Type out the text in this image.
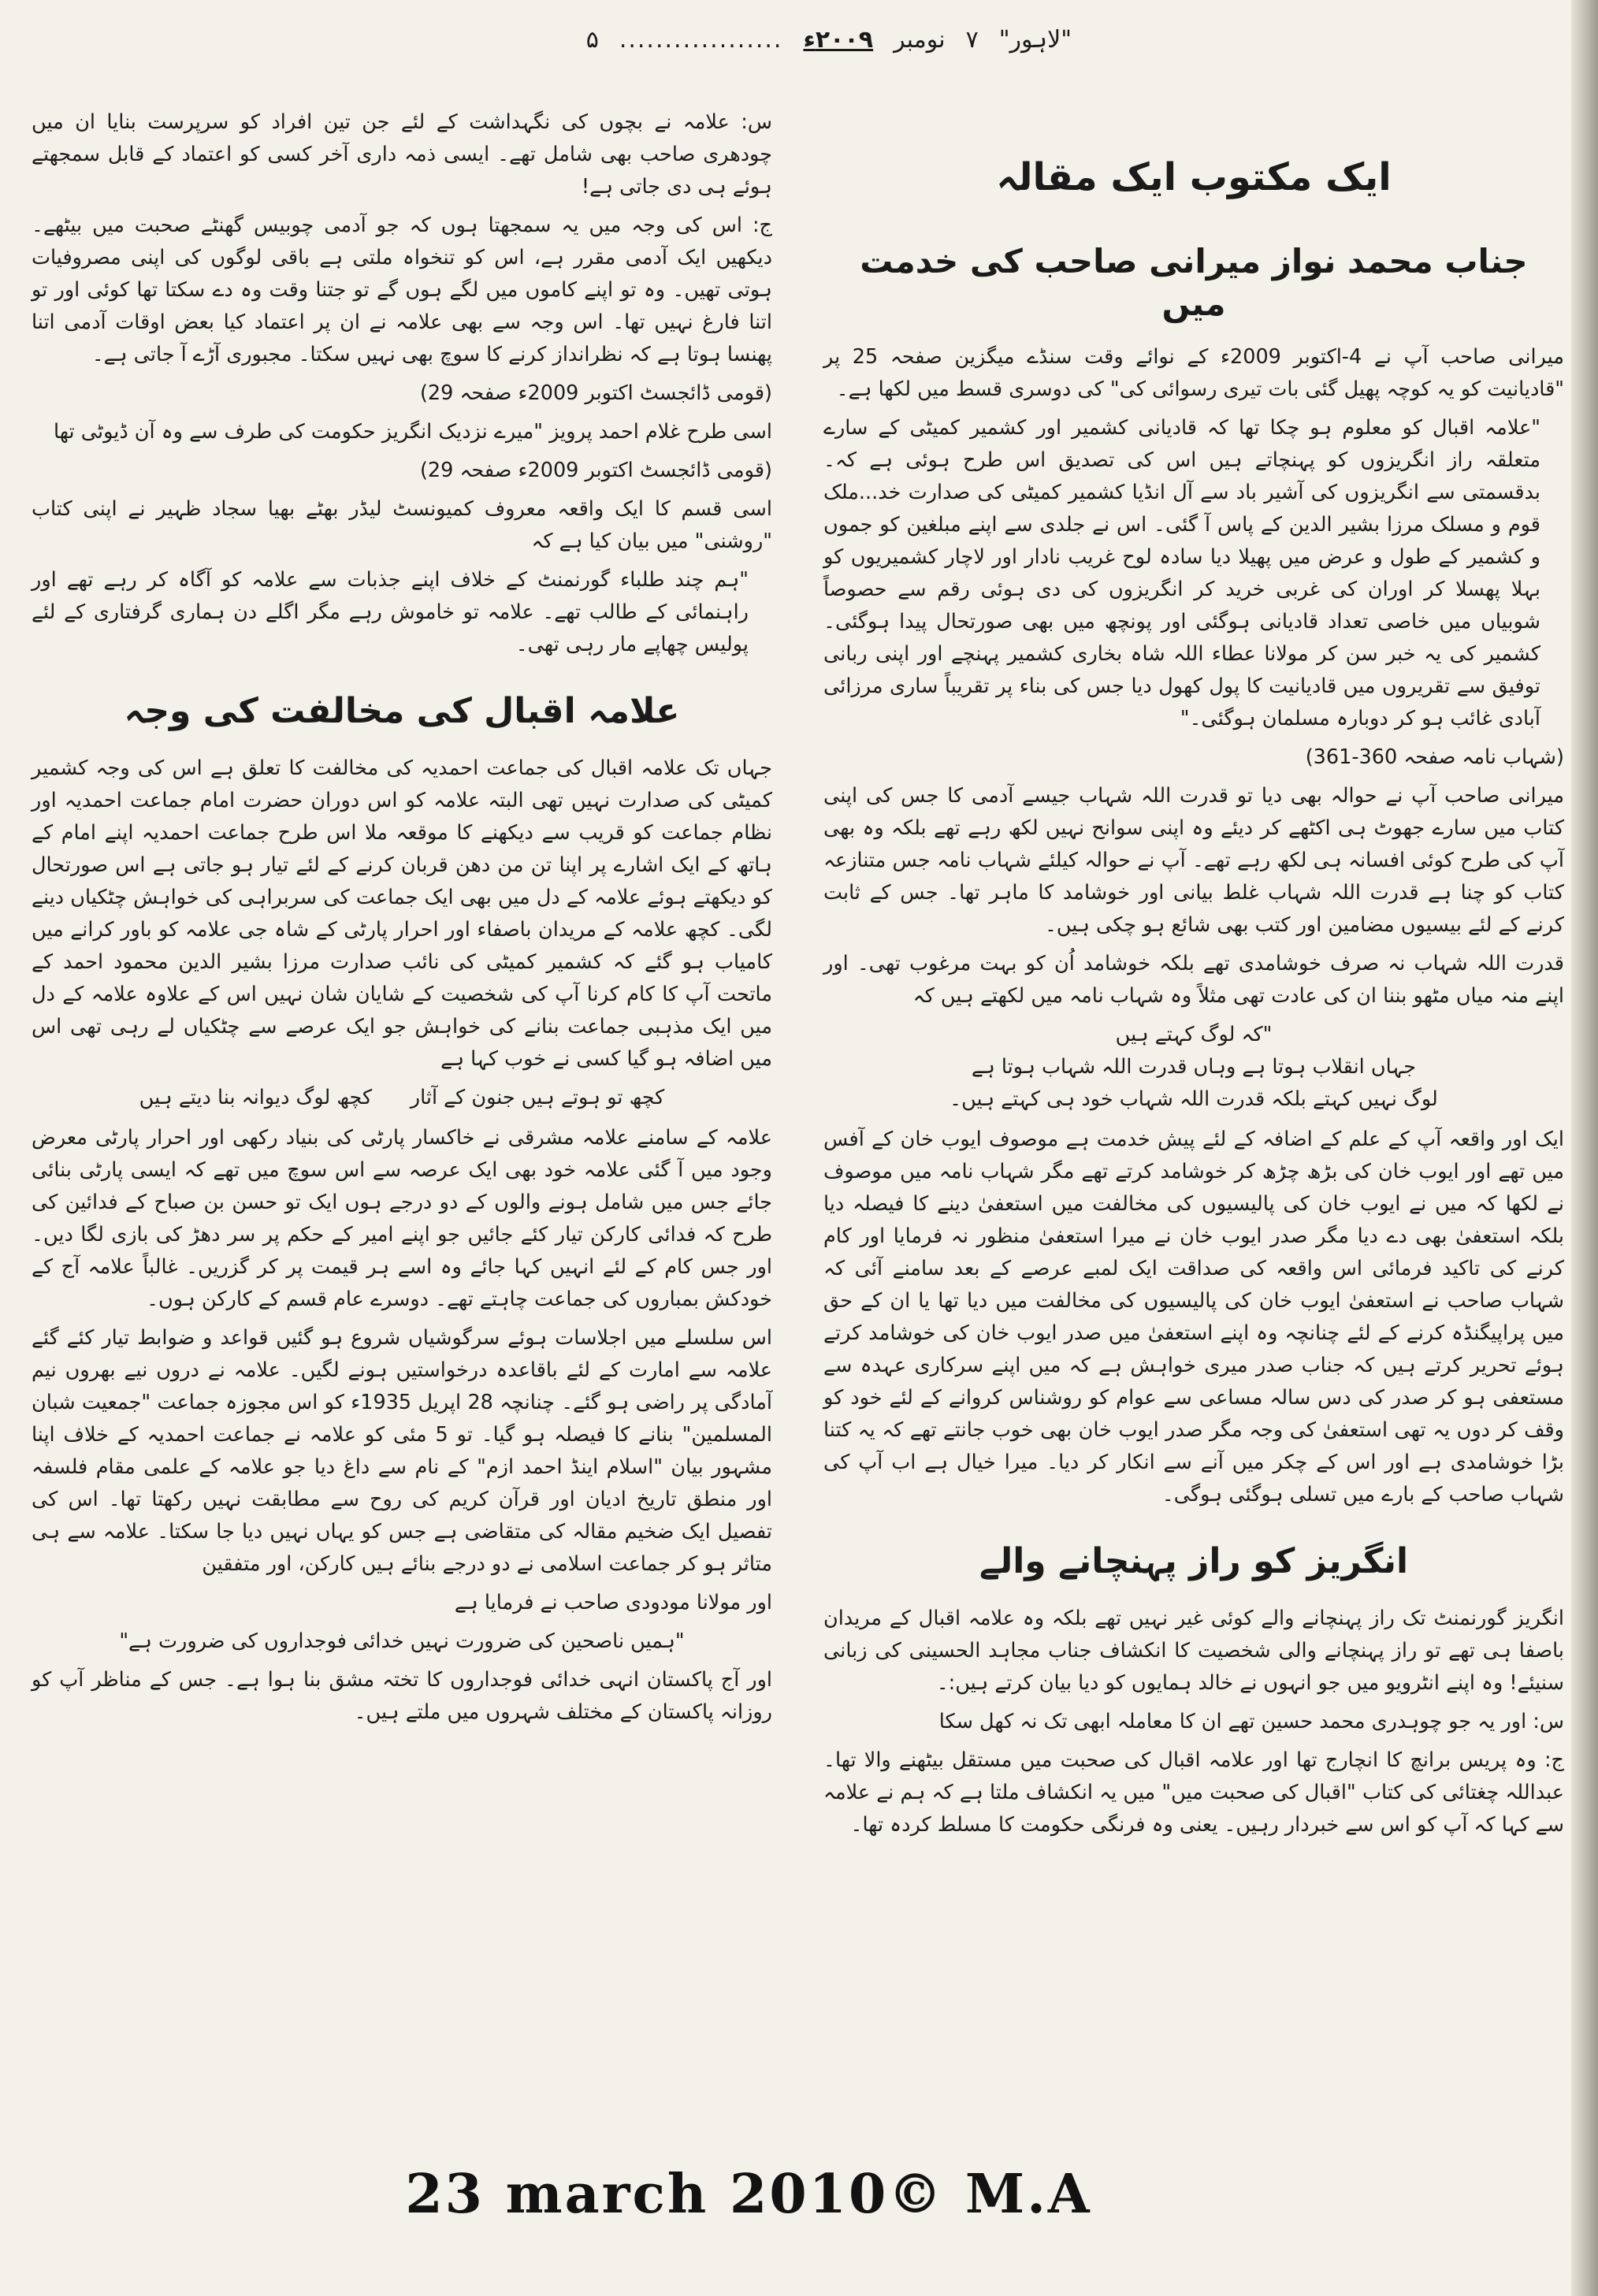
"لاہور"
۷
نومبر
۲۰۰۹ء
..................
۵
ایک مکتوب ایک مقالہ
جناب محمد نواز میرانی صاحب کی خدمت میں

میرانی صاحب آپ نے 4-اکتوبر 2009ء کے نوائے وقت سنڈے میگزین صفحہ 25 پر "قادیانیت کو یہ کوچہ پھیل گئی بات تیری رسوائی کی" کی دوسری قسط میں لکھا ہے۔

"علامہ اقبال کو معلوم ہو چکا تھا کہ قادیانی کشمیر اور کشمیر کمیٹی کے سارے متعلقہ راز انگریزوں کو پہنچاتے ہیں اس کی تصدیق اس طرح ہوئی ہے کہ۔ بدقسمتی سے انگریزوں کی آشیر باد سے آل انڈیا کشمیر کمیٹی کی صدارت خد...ملک قوم و مسلک مرزا بشیر الدین کے پاس آ گئی۔ اس نے جلدی سے اپنے مبلغین کو جموں و کشمیر کے طول و عرض میں پھیلا دیا سادہ لوح غریب نادار اور لاچار کشمیریوں کو بہلا پھسلا کر اوران کی غربی خرید کر انگریزوں کی دی ہوئی رقم سے حصوصاً شوبیاں میں خاصی تعداد قادیانی ہوگئی اور پونچھ میں بھی صورتحال پیدا ہوگئی۔ کشمیر کی یہ خبر سن کر مولانا عطاء اللہ شاہ بخاری کشمیر پہنچے اور اپنی ربانی توفیق سے تقریروں میں قادیانیت کا پول کھول دیا جس کی بناء پر تقریباً ساری مرزائی آبادی غائب ہو کر دوبارہ مسلمان ہوگئی۔"

(شہاب نامہ صفحہ 360-361)

میرانی صاحب آپ نے حوالہ بھی دیا تو قدرت اللہ شہاب جیسے آدمی کا جس کی اپنی کتاب میں سارے جھوٹ ہی اکٹھے کر دیئے وہ اپنی سوانح نہیں لکھ رہے تھے بلکہ وہ بھی آپ کی طرح کوئی افسانہ ہی لکھ رہے تھے۔ آپ نے حوالہ کیلئے شہاب نامہ جس متنازعہ کتاب کو چنا ہے قدرت اللہ شہاب غلط بیانی اور خوشامد کا ماہر تھا۔ جس کے ثابت کرنے کے لئے بیسیوں مضامین اور کتب بھی شائع ہو چکی ہیں۔

قدرت اللہ شہاب نہ صرف خوشامدی تھے بلکہ خوشامد اُن کو بہت مرغوب تھی۔ اور اپنے منہ میاں مٹھو بننا ان کی عادت تھی مثلاً وہ شہاب نامہ میں لکھتے ہیں کہ

"کہ لوگ کہتے ہیں
جہاں انقلاب ہوتا ہے وہاں قدرت اللہ شہاب ہوتا ہے
لوگ نہیں کہتے بلکہ قدرت اللہ شہاب خود ہی کہتے ہیں۔

ایک اور واقعہ آپ کے علم کے اضافہ کے لئے پیش خدمت ہے موصوف ایوب خان کے آفس میں تھے اور ایوب خان کی بڑھ چڑھ کر خوشامد کرتے تھے مگر شہاب نامہ میں موصوف نے لکھا کہ میں نے ایوب خان کی پالیسیوں کی مخالفت میں استعفیٰ دینے کا فیصلہ دیا بلکہ استعفیٰ بھی دے دیا مگر صدر ایوب خان نے میرا استعفیٰ منظور نہ فرمایا اور کام کرنے کی تاکید فرمائی اس واقعہ کی صداقت ایک لمبے عرصے کے بعد سامنے آئی کہ شہاب صاحب نے استعفیٰ ایوب خان کی پالیسیوں کی مخالفت میں دیا تھا یا ان کے حق میں پراپیگنڈہ کرنے کے لئے چنانچہ وہ اپنے استعفیٰ میں صدر ایوب خان کی خوشامد کرتے ہوئے تحریر کرتے ہیں کہ جناب صدر میری خواہش ہے کہ میں اپنے سرکاری عہدہ سے مستعفی ہو کر صدر کی دس سالہ مساعی سے عوام کو روشناس کروانے کے لئے خود کو وقف کر دوں یہ تھی استعفیٰ کی وجہ مگر صدر ایوب خان بھی خوب جانتے تھے کہ یہ کتنا بڑا خوشامدی ہے اور اس کے چکر میں آنے سے انکار کر دیا۔ میرا خیال ہے اب آپ کی شہاب صاحب کے بارے میں تسلی ہوگئی ہوگی۔

انگریز کو راز پہنچانے والے

انگریز گورنمنٹ تک راز پہنچانے والے کوئی غیر نہیں تھے بلکہ وہ علامہ اقبال کے مریدان باصفا ہی تھے تو راز پہنچانے والی شخصیت کا انکشاف جناب مجاہد الحسینی کی زبانی سنیئے! وہ اپنے انٹرویو میں جو انہوں نے خالد ہمایوں کو دیا بیان کرتے ہیں:۔

س: اور یہ جو چوہدری محمد حسین تھے ان کا معاملہ ابھی تک نہ کھل سکا

ج: وہ پریس برانچ کا انچارج تھا اور علامہ اقبال کی صحبت میں مستقل بیٹھنے والا تھا۔ عبداللہ چغتائی کی کتاب "اقبال کی صحبت میں" میں یہ انکشاف ملتا ہے کہ ہم نے علامہ سے کہا کہ آپ کو اس سے خبردار رہیں۔ یعنی وہ فرنگی حکومت کا مسلط کردہ تھا۔

س: علامہ نے بچوں کی نگہداشت کے لئے جن تین افراد کو سرپرست بنایا ان میں چودھری صاحب بھی شامل تھے۔ ایسی ذمہ داری آخر کسی کو اعتماد کے قابل سمجھتے ہوئے ہی دی جاتی ہے!

ج: اس کی وجہ میں یہ سمجھتا ہوں کہ جو آدمی چوبیس گھنٹے صحبت میں بیٹھے۔ دیکھیں ایک آدمی مقرر ہے، اس کو تنخواہ ملتی ہے باقی لوگوں کی اپنی مصروفیات ہوتی تھیں۔ وہ تو اپنے کاموں میں لگے ہوں گے تو جتنا وقت وہ دے سکتا تھا کوئی اور تو اتنا فارغ نہیں تھا۔ اس وجہ سے بھی علامہ نے ان پر اعتماد کیا بعض اوقات آدمی اتنا پھنسا ہوتا ہے کہ نظرانداز کرنے کا سوچ بھی نہیں سکتا۔ مجبوری آڑے آ جاتی ہے۔

(قومی ڈائجسٹ اکتوبر 2009ء صفحہ 29)

اسی طرح غلام احمد پرویز "میرے نزدیک انگریز حکومت کی طرف سے وہ آن ڈیوٹی تھا

(قومی ڈائجسٹ اکتوبر 2009ء صفحہ 29)

اسی قسم کا ایک واقعہ معروف کمیونسٹ لیڈر بھٹے بھیا سجاد ظہیر نے اپنی کتاب "روشنی" میں بیان کیا ہے کہ

"ہم چند طلباء گورنمنٹ کے خلاف اپنے جذبات سے علامہ کو آگاہ کر رہے تھے اور راہنمائی کے طالب تھے۔ علامہ تو خاموش رہے مگر اگلے دن ہماری گرفتاری کے لئے پولیس چھاپے مار رہی تھی۔

علامہ اقبال کی مخالفت کی وجہ

جہاں تک علامہ اقبال کی جماعت احمدیہ کی مخالفت کا تعلق ہے اس کی وجہ کشمیر کمیٹی کی صدارت نہیں تھی البتہ علامہ کو اس دوران حضرت امام جماعت احمدیہ اور نظام جماعت کو قریب سے دیکھنے کا موقعہ ملا اس طرح جماعت احمدیہ اپنے امام کے ہاتھ کے ایک اشارے پر اپنا تن من دھن قربان کرنے کے لئے تیار ہو جاتی ہے اس صورتحال کو دیکھتے ہوئے علامہ کے دل میں بھی ایک جماعت کی سربراہی کی خواہش چٹکیاں دینے لگی۔ کچھ علامہ کے مریدان باصفاء اور احرار پارٹی کے شاہ جی علامہ کو باور کرانے میں کامیاب ہو گئے کہ کشمیر کمیٹی کی نائب صدارت مرزا بشیر الدین محمود احمد کے ماتحت آپ کا کام کرنا آپ کی شخصیت کے شایان شان نہیں اس کے علاوہ علامہ کے دل میں ایک مذہبی جماعت بنانے کی خواہش جو ایک عرصے سے چٹکیاں لے رہی تھی اس میں اضافہ ہو گیا کسی نے خوب کہا ہے

کچھ تو ہوتے ہیں جنون کے آثار      کچھ لوگ دیوانہ بنا دیتے ہیں

علامہ کے سامنے علامہ مشرقی نے خاکسار پارٹی کی بنیاد رکھی اور احرار پارٹی معرض وجود میں آ گئی علامہ خود بھی ایک عرصہ سے اس سوچ میں تھے کہ ایسی پارٹی بنائی جائے جس میں شامل ہونے والوں کے دو درجے ہوں ایک تو حسن بن صباح کے فدائین کی طرح کہ فدائی کارکن تیار کئے جائیں جو اپنے امیر کے حکم پر سر دھڑ کی بازی لگا دیں۔ اور جس کام کے لئے انہیں کہا جائے وہ اسے ہر قیمت پر کر گزریں۔ غالباً علامہ آج کے خودکش بمباروں کی جماعت چاہتے تھے۔ دوسرے عام قسم کے کارکن ہوں۔

اس سلسلے میں اجلاسات ہوئے سرگوشیاں شروع ہو گئیں قواعد و ضوابط تیار کئے گئے علامہ سے امارت کے لئے باقاعدہ درخواستیں ہونے لگیں۔ علامہ نے دروں نیے بھروں نیم آمادگی پر راضی ہو گئے۔ چنانچہ 28 اپریل 1935ء کو اس مجوزہ جماعت "جمعیت شبان المسلمین" بنانے کا فیصلہ ہو گیا۔ تو 5 مئی کو علامہ نے جماعت احمدیہ کے خلاف اپنا مشہور بیان "اسلام اینڈ احمد ازم" کے نام سے داغ دیا جو علامہ کے علمی مقام فلسفہ اور منطق تاریخ ادیان اور قرآن کریم کی روح سے مطابقت نہیں رکھتا تھا۔ اس کی تفصیل ایک ضخیم مقالہ کی متقاضی ہے جس کو یہاں نہیں دیا جا سکتا۔ علامہ سے ہی متاثر ہو کر جماعت اسلامی نے دو درجے بنائے ہیں کارکن، اور متفقین

اور مولانا مودودی صاحب نے فرمایا ہے

"ہمیں ناصحین کی ضرورت نہیں خدائی فوجداروں کی ضرورت ہے"

اور آج پاکستان انہی خدائی فوجداروں کا تختہ مشق بنا ہوا ہے۔ جس کے مناظر آپ کو روزانہ پاکستان کے مختلف شہروں میں ملتے ہیں۔

23 march 2010© M.A
